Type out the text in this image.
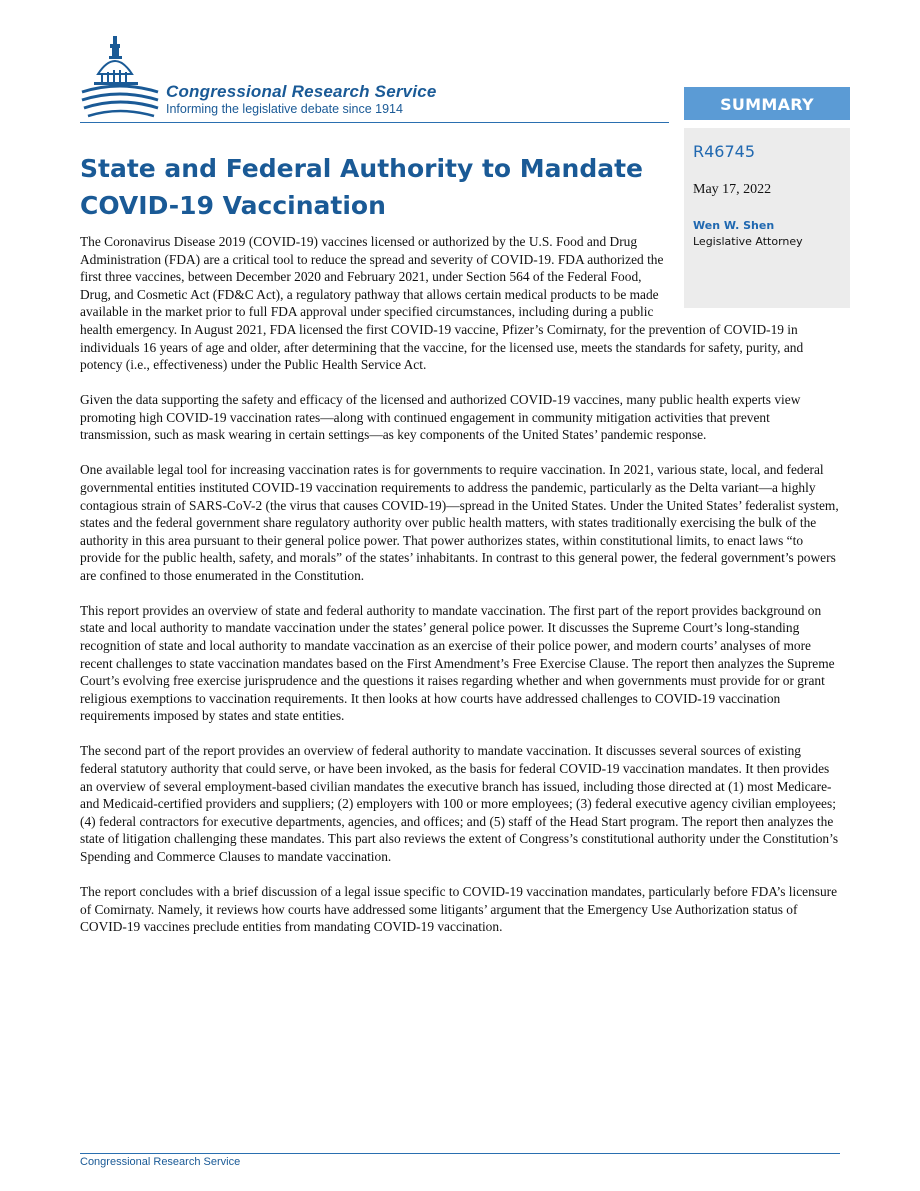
Congressional Research Service
Informing the legislative debate since 1914	SUMMARY
R46745
May 17, 2022
Wen W. Shen
Legislative Attorney
State and Federal Authority to Mandate COVID-19 Vaccination

The Coronavirus Disease 2019 (COVID-19) vaccines licensed or authorized by the U.S. Food and Drug Administration (FDA) are a critical tool to reduce the spread and severity of COVID-19. FDA authorized the first three vaccines, between December 2020 and February 2021, under Section 564 of the Federal Food, Drug, and Cosmetic Act (FD&C Act), a regulatory pathway that allows certain medical products to be made available in the market prior to full FDA approval under specified circumstances, including during a public health emergency. In August 2021, FDA licensed the first COVID-19 vaccine, Pfizer’s Comirnaty, for the prevention of COVID-19 in individuals 16 years of age and older, after determining that the vaccine, for the licensed use, meets the standards for safety, purity, and potency (i.e., effectiveness) under the Public Health Service Act.

Given the data supporting the safety and efficacy of the licensed and authorized COVID-19 vaccines, many public health experts view promoting high COVID-19 vaccination rates—along with continued engagement in community mitigation activities that prevent transmission, such as mask wearing in certain settings—as key components of the United States’ pandemic response.

One available legal tool for increasing vaccination rates is for governments to require vaccination. In 2021, various state, local, and federal governmental entities instituted COVID-19 vaccination requirements to address the pandemic, particularly as the Delta variant—a highly contagious strain of SARS-CoV-2 (the virus that causes COVID-19)—spread in the United States. Under the United States’ federalist system, states and the federal government share regulatory authority over public health matters, with states traditionally exercising the bulk of the authority in this area pursuant to their general police power. That power authorizes states, within constitutional limits, to enact laws “to provide for the public health, safety, and morals” of the states’ inhabitants. In contrast to this general power, the federal government’s powers are confined to those enumerated in the Constitution.

This report provides an overview of state and federal authority to mandate vaccination. The first part of the report provides background on state and local authority to mandate vaccination under the states’ general police power. It discusses the Supreme Court’s long-standing recognition of state and local authority to mandate vaccination as an exercise of their police power, and modern courts’ analyses of more recent challenges to state vaccination mandates based on the First Amendment’s Free Exercise Clause. The report then analyzes the Supreme Court’s evolving free exercise jurisprudence and the questions it raises regarding whether and when governments must provide for or grant religious exemptions to vaccination requirements. It then looks at how courts have addressed challenges to COVID-19 vaccination requirements imposed by states and state entities.

The second part of the report provides an overview of federal authority to mandate vaccination. It discusses several sources of existing federal statutory authority that could serve, or have been invoked, as the basis for federal COVID-19 vaccination mandates. It then provides an overview of several employment-based civilian mandates the executive branch has issued, including those directed at (1) most Medicare- and Medicaid-certified providers and suppliers; (2) employers with 100 or more employees; (3) federal executive agency civilian employees; (4) federal contractors for executive departments, agencies, and offices; and (5) staff of the Head Start program. The report then analyzes the state of litigation challenging these mandates. This part also reviews the extent of Congress’s constitutional authority under the Constitution’s Spending and Commerce Clauses to mandate vaccination.

The report concludes with a brief discussion of a legal issue specific to COVID-19 vaccination mandates, particularly before FDA’s licensure of Comirnaty. Namely, it reviews how courts have addressed some litigants’ argument that the Emergency Use Authorization status of COVID-19 vaccines preclude entities from mandating COVID-19 vaccination.

Congressional Research Service
